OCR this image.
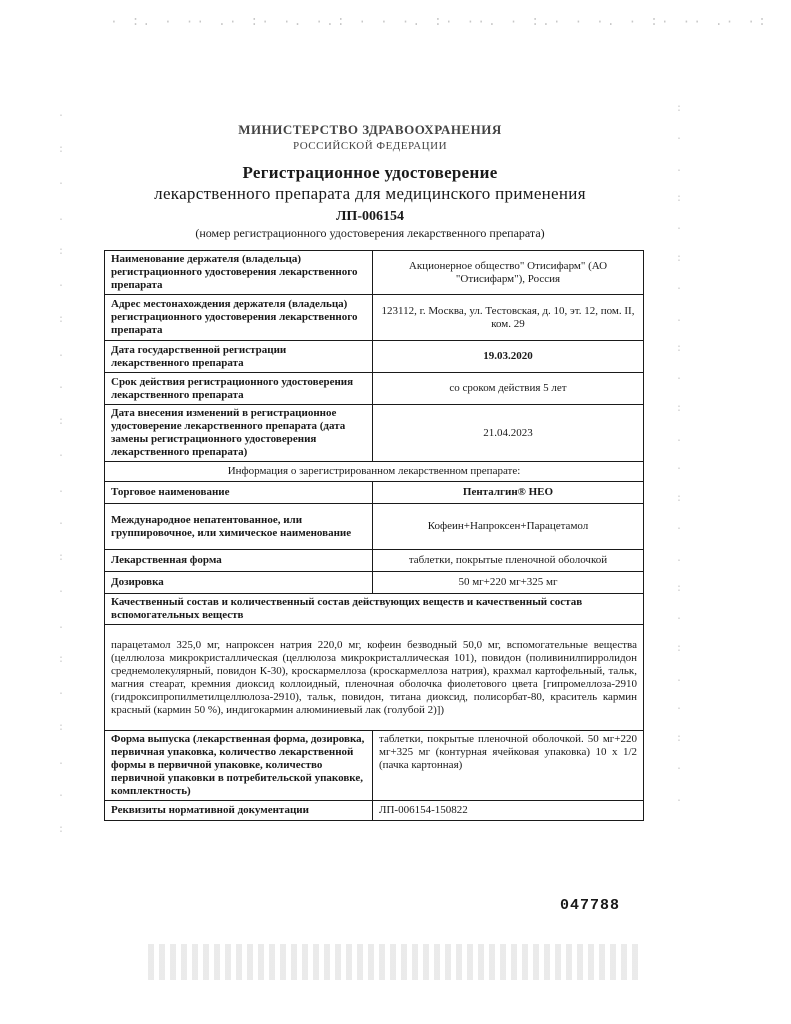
· :. · ·· .· :· ·. ·.: · · ·. :· ··. · :.· · ·. · :· ·· .· ·:
· : · . : · : . · : · . · : · . : · : . · :
: · . : · : · . : · : . · : · . : · : . · : · .
МИНИСТЕРСТВО ЗДРАВООХРАНЕНИЯ
РОССИЙСКОЙ ФЕДЕРАЦИИ
Регистрационное удостоверение
лекарственного препарата для медицинского применения
ЛП-006154
(номер регистрационного удостоверения лекарственного препарата)
Наименование держателя (владельца) регистрационного удостоверения лекарственного препарата	Акционерное общество" Отисифарм" (АО "Отисифарм"), Россия
Адрес местонахождения держателя (владельца) регистрационного удостоверения лекарственного препарата	123112, г. Москва, ул. Тестовская, д. 10, эт. 12, пом. II, ком. 29
Дата государственной регистрации лекарственного препарата	19.03.2020
Срок действия регистрационного удостоверения лекарственного препарата	со сроком действия 5 лет
Дата внесения изменений в регистрационное удостоверение лекарственного препарата (дата замены регистрационного удостоверения лекарственного препарата)	21.04.2023
Информация о зарегистрированном лекарственном препарате:	
Торговое наименование	Пенталгин® НЕО
Международное непатентованное, или группировочное, или химическое наименование	Кофеин+Напроксен+Парацетамол
Лекарственная форма	таблетки, покрытые пленочной оболочкой
Дозировка	50 мг+220 мг+325 мг
Качественный состав и количественный состав действующих веществ и качественный состав вспомогательных веществ	
парацетамол 325,0 мг, напроксен натрия 220,0 мг, кофеин безводный 50,0 мг, вспомогательные вещества (целлюлоза микрокристаллическая (целлюлоза микрокристаллическая 101), повидон (поливинилпирролидон среднемолекулярный, повидон К-30), кроскармеллоза (кроскармеллоза натрия), крахмал картофельный, тальк, магния стеарат, кремния диоксид коллоидный, пленочная оболочка фиолетового цвета [гипромеллоза-2910 (гидроксипропилметилцеллюлоза-2910), тальк, повидон, титана диоксид, полисорбат-80, краситель кармин красный (кармин 50 %), индигокармин алюминиевый лак (голубой 2)])	
Форма выпуска (лекарственная форма, дозировка, первичная упаковка, количество лекарственной формы в первичной упаковке, количество первичной упаковки в потребительской упаковке, комплектность)	таблетки, покрытые пленочной оболочкой. 50 мг+220 мг+325 мг (контурная ячейковая упаковка) 10 х 1/2 (пачка картонная)
Реквизиты нормативной документации	ЛП-006154-150822
047788
